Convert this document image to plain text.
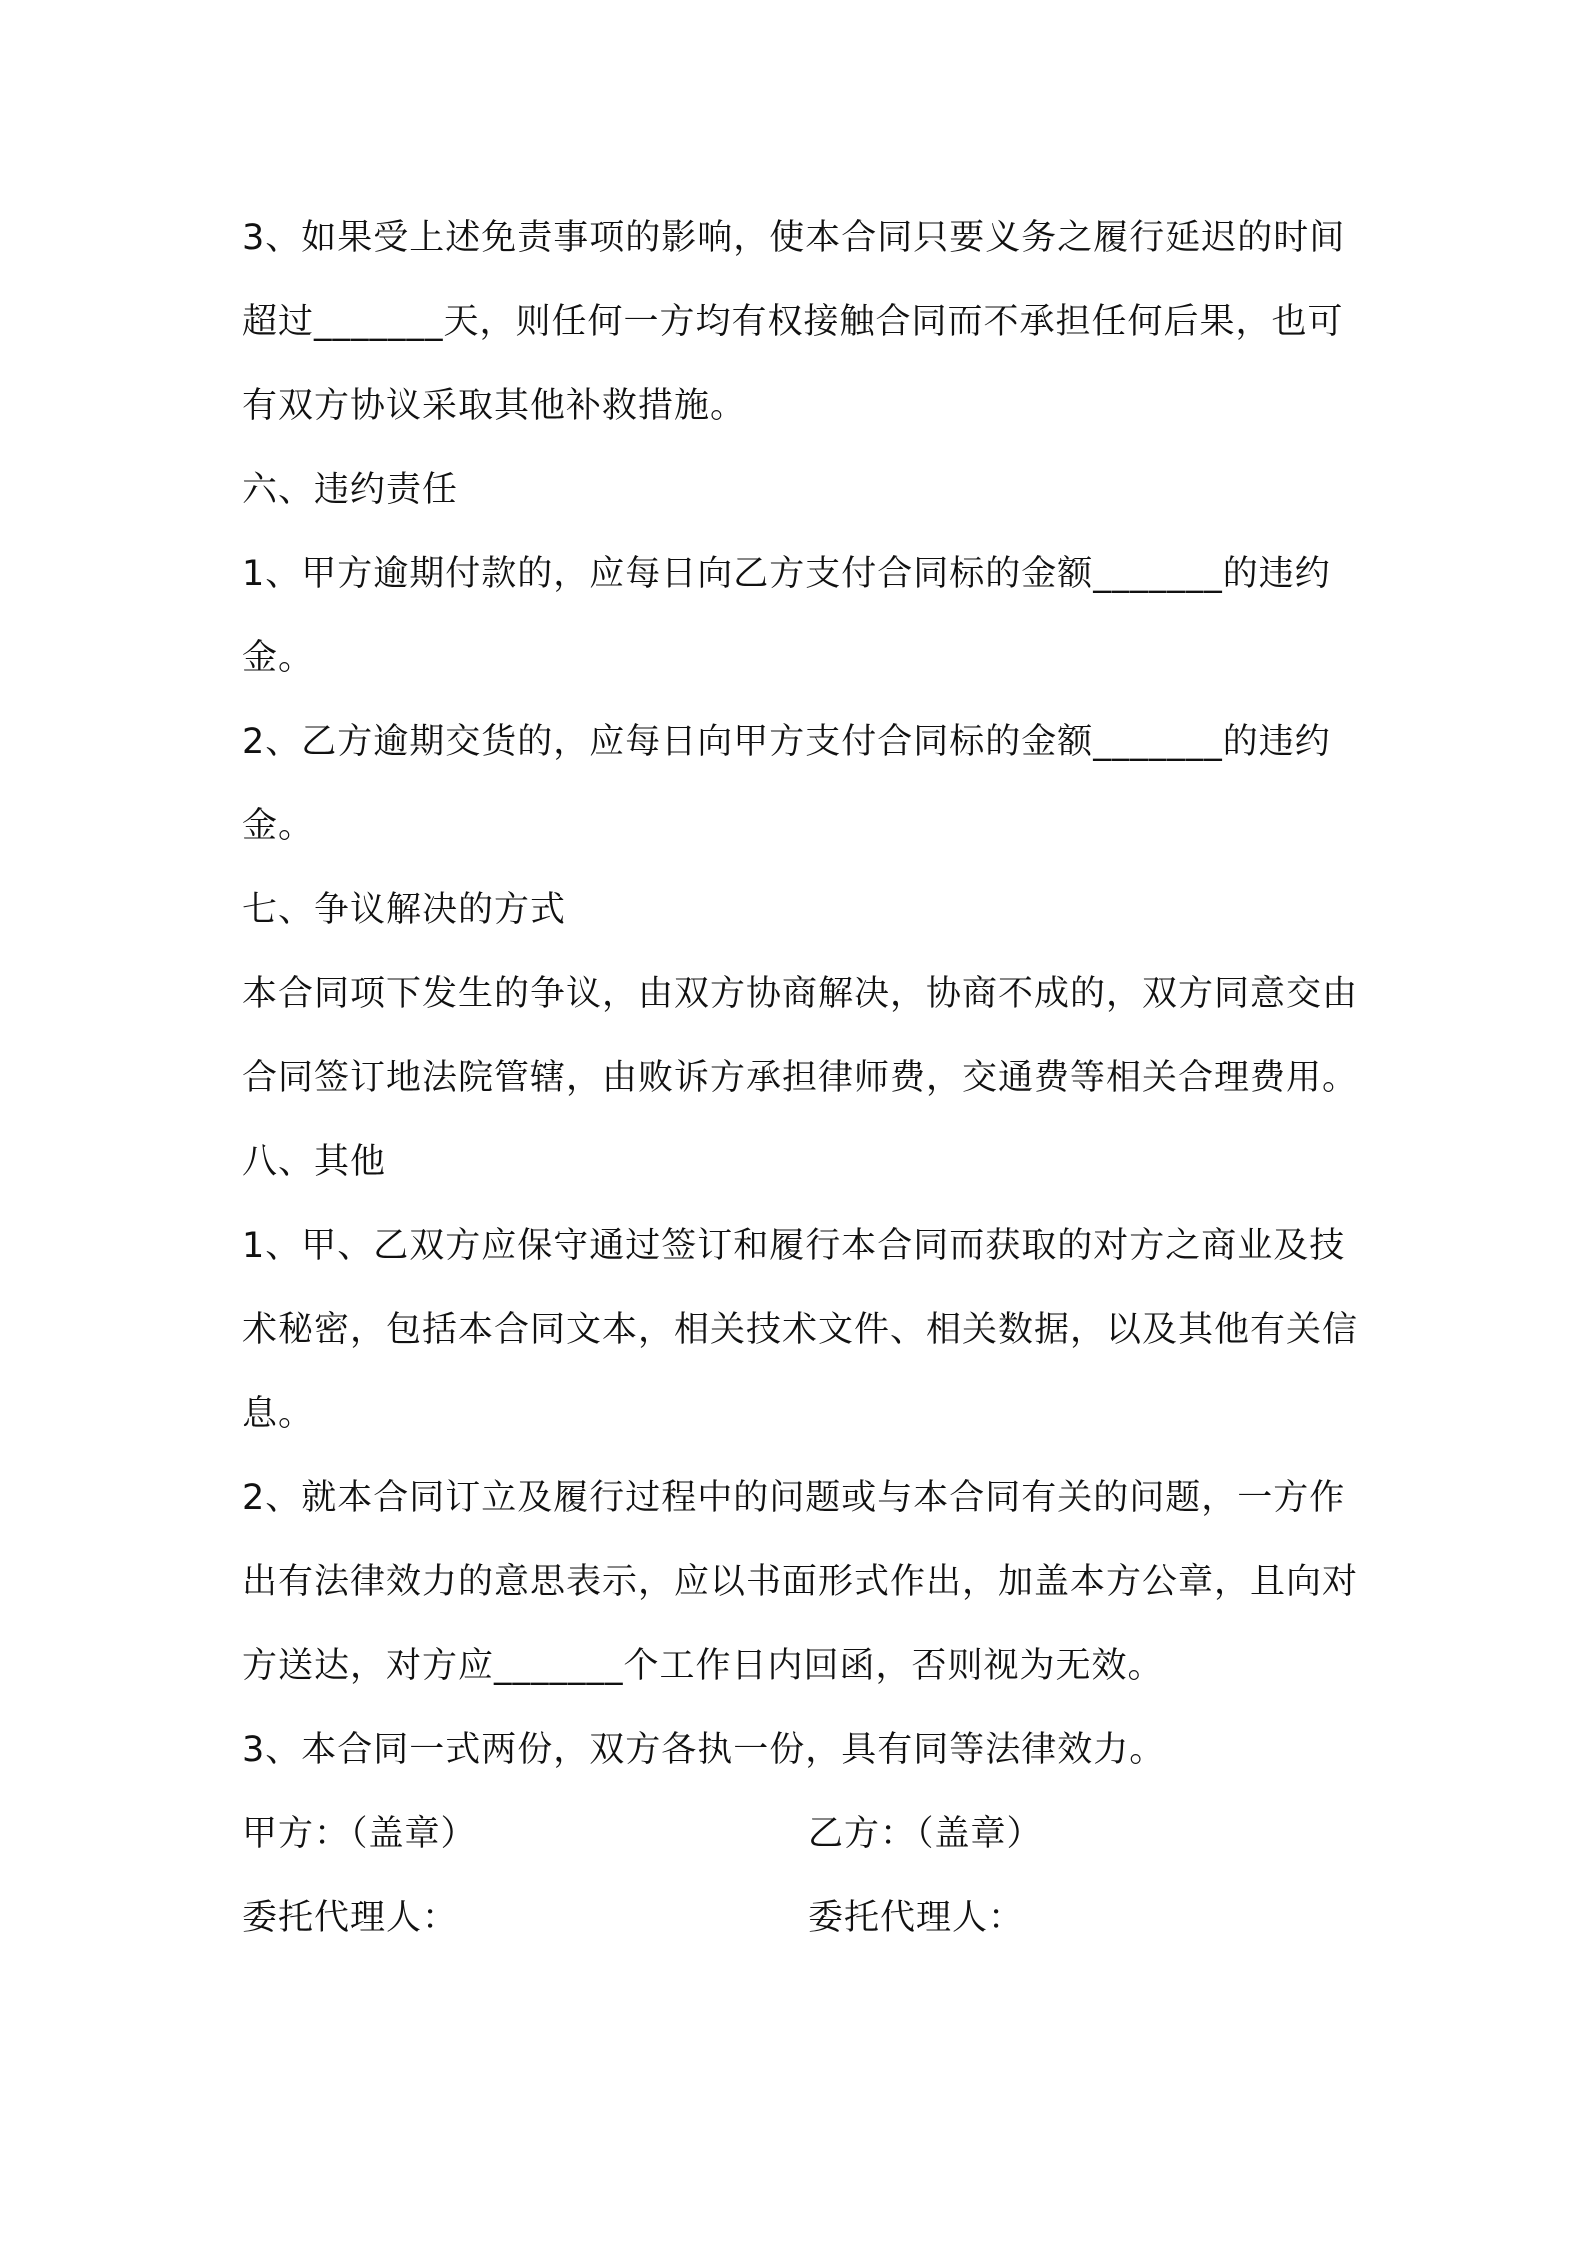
3、如果受上述免责事项的影响，使本合同只要义务之履行延迟的时间超过_______天，则任何一方均有权接触合同而不承担任何后果，也可有双方协议采取其他补救措施。

六、违约责任

1、甲方逾期付款的，应每日向乙方支付合同标的金额_______的违约金。

2、乙方逾期交货的，应每日向甲方支付合同标的金额_______的违约金。

七、争议解决的方式

本合同项下发生的争议，由双方协商解决，协商不成的，双方同意交由合同签订地法院管辖，由败诉方承担律师费，交通费等相关合理费用。

八、其他

1、甲、乙双方应保守通过签订和履行本合同而获取的对方之商业及技术秘密，包括本合同文本，相关技术文件、相关数据，以及其他有关信息。

2、就本合同订立及履行过程中的问题或与本合同有关的问题，一方作出有法律效力的意思表示，应以书面形式作出，加盖本方公章，且向对方送达，对方应_______个工作日内回函，否则视为无效。

3、本合同一式两份，双方各执一份，具有同等法律效力。

甲方：（盖章）	乙方：（盖章）
委托代理人：	委托代理人：
